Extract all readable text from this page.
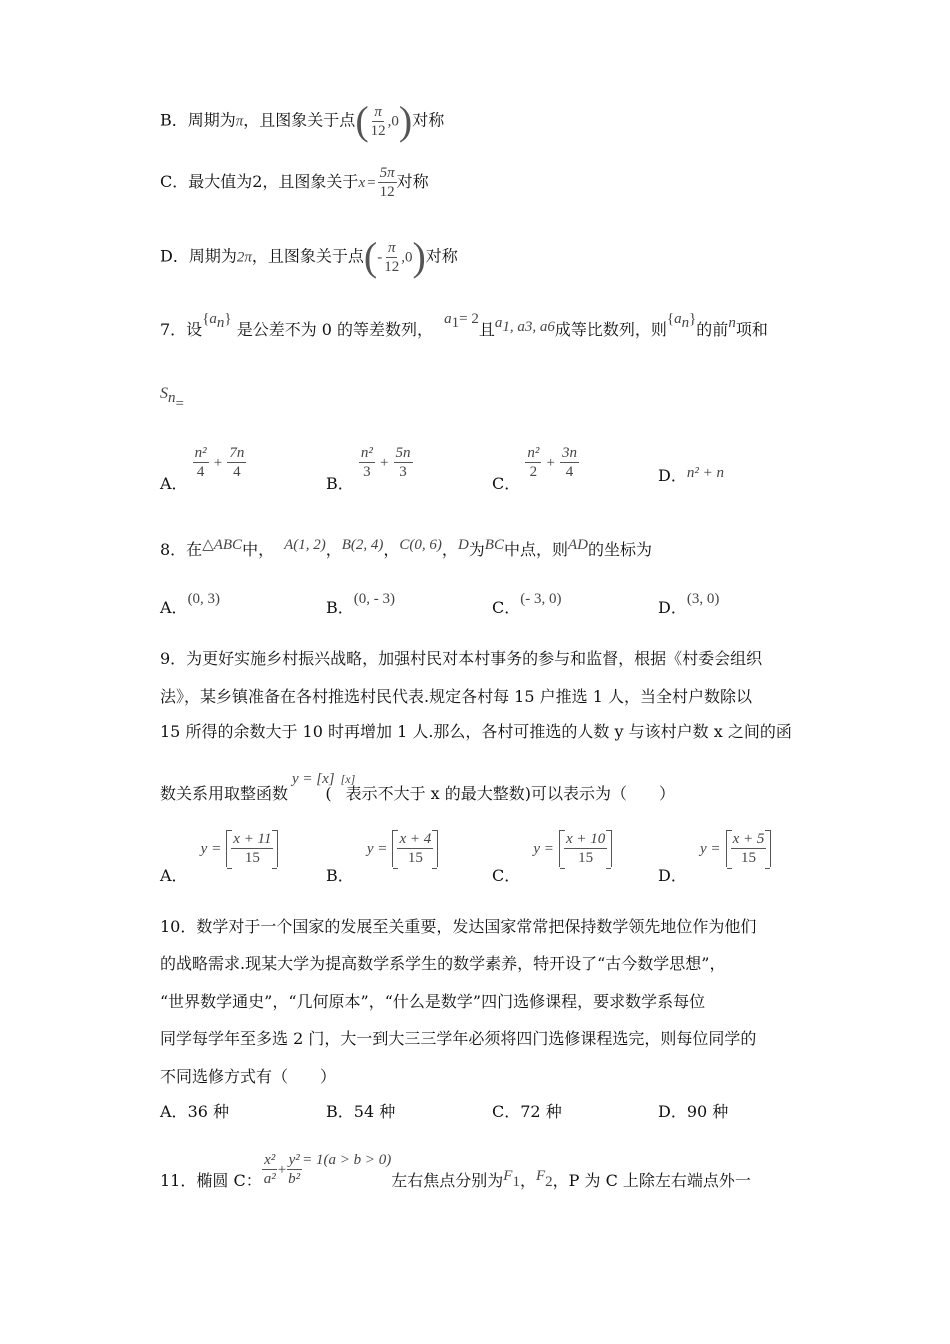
B．周期为π，且图象关于点( $\frac{\pi}{12} ,0$)对称
C．最大值为2，且图象关于$x = \frac{5\pi}{12}$ 对称
D．周期为2π，且图象关于点(- $\frac{\pi}{12} ,0$)对称
7．设$\{a_n\}$ 是公差不为 0 的等差数列， $a_1= 2$且$a_{1, a3, a6}$成等比数列，则$\{a_n\}$的前n项和
$S_n=$
A．
$\frac{\text{n²}}{4} + \frac{7n}{4}$
B．
$\frac{\text{n²}}{3} + \frac{5n}{3}$
C．
$\frac{\text{n²}}{2} + \frac{3n}{4}$	D．n² + n
8．在△ABC中， A(1, 2)，B(2, 4)，C(0, 6)，D为BC中点，则AD的坐标为
A．(0, 3)	B．(0, - 3)	C．(- 3, 0)	D．(3, 0)
9．为更好实施乡村振兴战略，加强村民对本村事务的参与和监督，根据《村委会组织
法》，某乡镇准备在各村推选村民代表.规定各村每 15 户推选 1 人，当全村户数除以
15 所得的余数大于 10 时再增加 1 人.那么，各村可推选的人数 y 与该村户数 x 之间的函
数关系用取整函数y = [x] [x]( 表示不大于 x 的最大整数)可以表示为（　　）
A． $y = \frac{x + 11}{15}$
B． $y = \frac{x + 4}{15}$
C． $y = \frac{x + 10}{15}$
D． $y = \frac{x + 5}{15}$
10．数学对于一个国家的发展至关重要，发达国家常常把保持数学领先地位作为他们
的战略需求.现某大学为提高数学系学生的数学素养，特开设了“古今数学思想”，
“世界数学通史”，“几何原本”，“什么是数学”四门选修课程，要求数学系每位
同学每学年至多选 2 门，大一到大三三学年必须将四门选修课程选完，则每位同学的
不同选修方式有（　　）
A．36 种	B．54 种	C．72 种	D．90 种
11．椭圆 C： $\frac{\text{x²}}{\text{a²}} + \frac{\text{y²}}{\text{b²}} = 1(a > b > 0)$左右焦点分别为$F_1$，$F_2$，P 为 C 上除左右端点外一
